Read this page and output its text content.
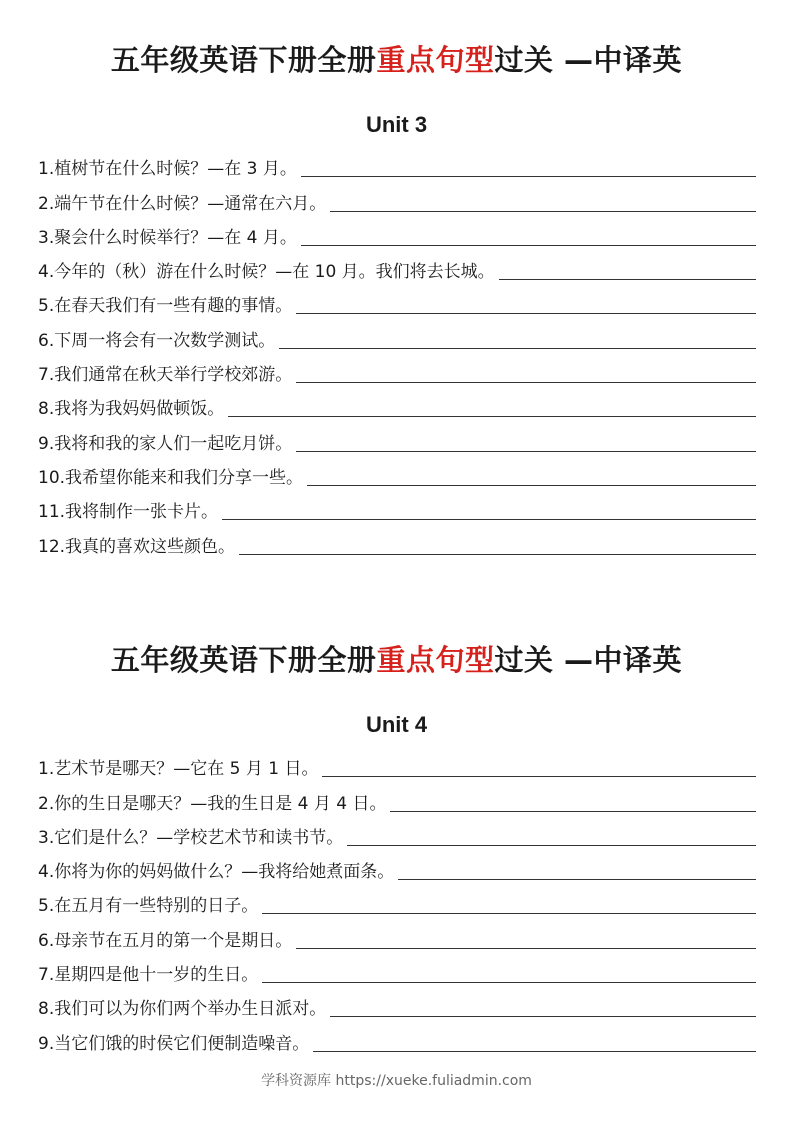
五年级英语下册全册重点句型过关 —中译英
Unit 3
1.植树节在什么时候？—在 3 月。
2.端午节在什么时候？—通常在六月。
3.聚会什么时候举行？—在 4 月。
4.今年的（秋）游在什么时候？—在 10 月。我们将去长城。
5.在春天我们有一些有趣的事情。
6.下周一将会有一次数学测试。
7.我们通常在秋天举行学校郊游。
8.我将为我妈妈做顿饭。
9.我将和我的家人们一起吃月饼。
10.我希望你能来和我们分享一些。
11.我将制作一张卡片。
12.我真的喜欢这些颜色。
五年级英语下册全册重点句型过关 —中译英
Unit 4
1.艺术节是哪天？—它在 5 月 1 日。
2.你的生日是哪天？—我的生日是 4 月 4 日。
3.它们是什么？—学校艺术节和读书节。
4.你将为你的妈妈做什么？—我将给她煮面条。
5.在五月有一些特别的日子。
6.母亲节在五月的第一个是期日。
7.星期四是他十一岁的生日。
8.我们可以为你们两个举办生日派对。
9.当它们饿的时侯它们便制造噪音。
学科资源库 https://xueke.fuliadmin.com
